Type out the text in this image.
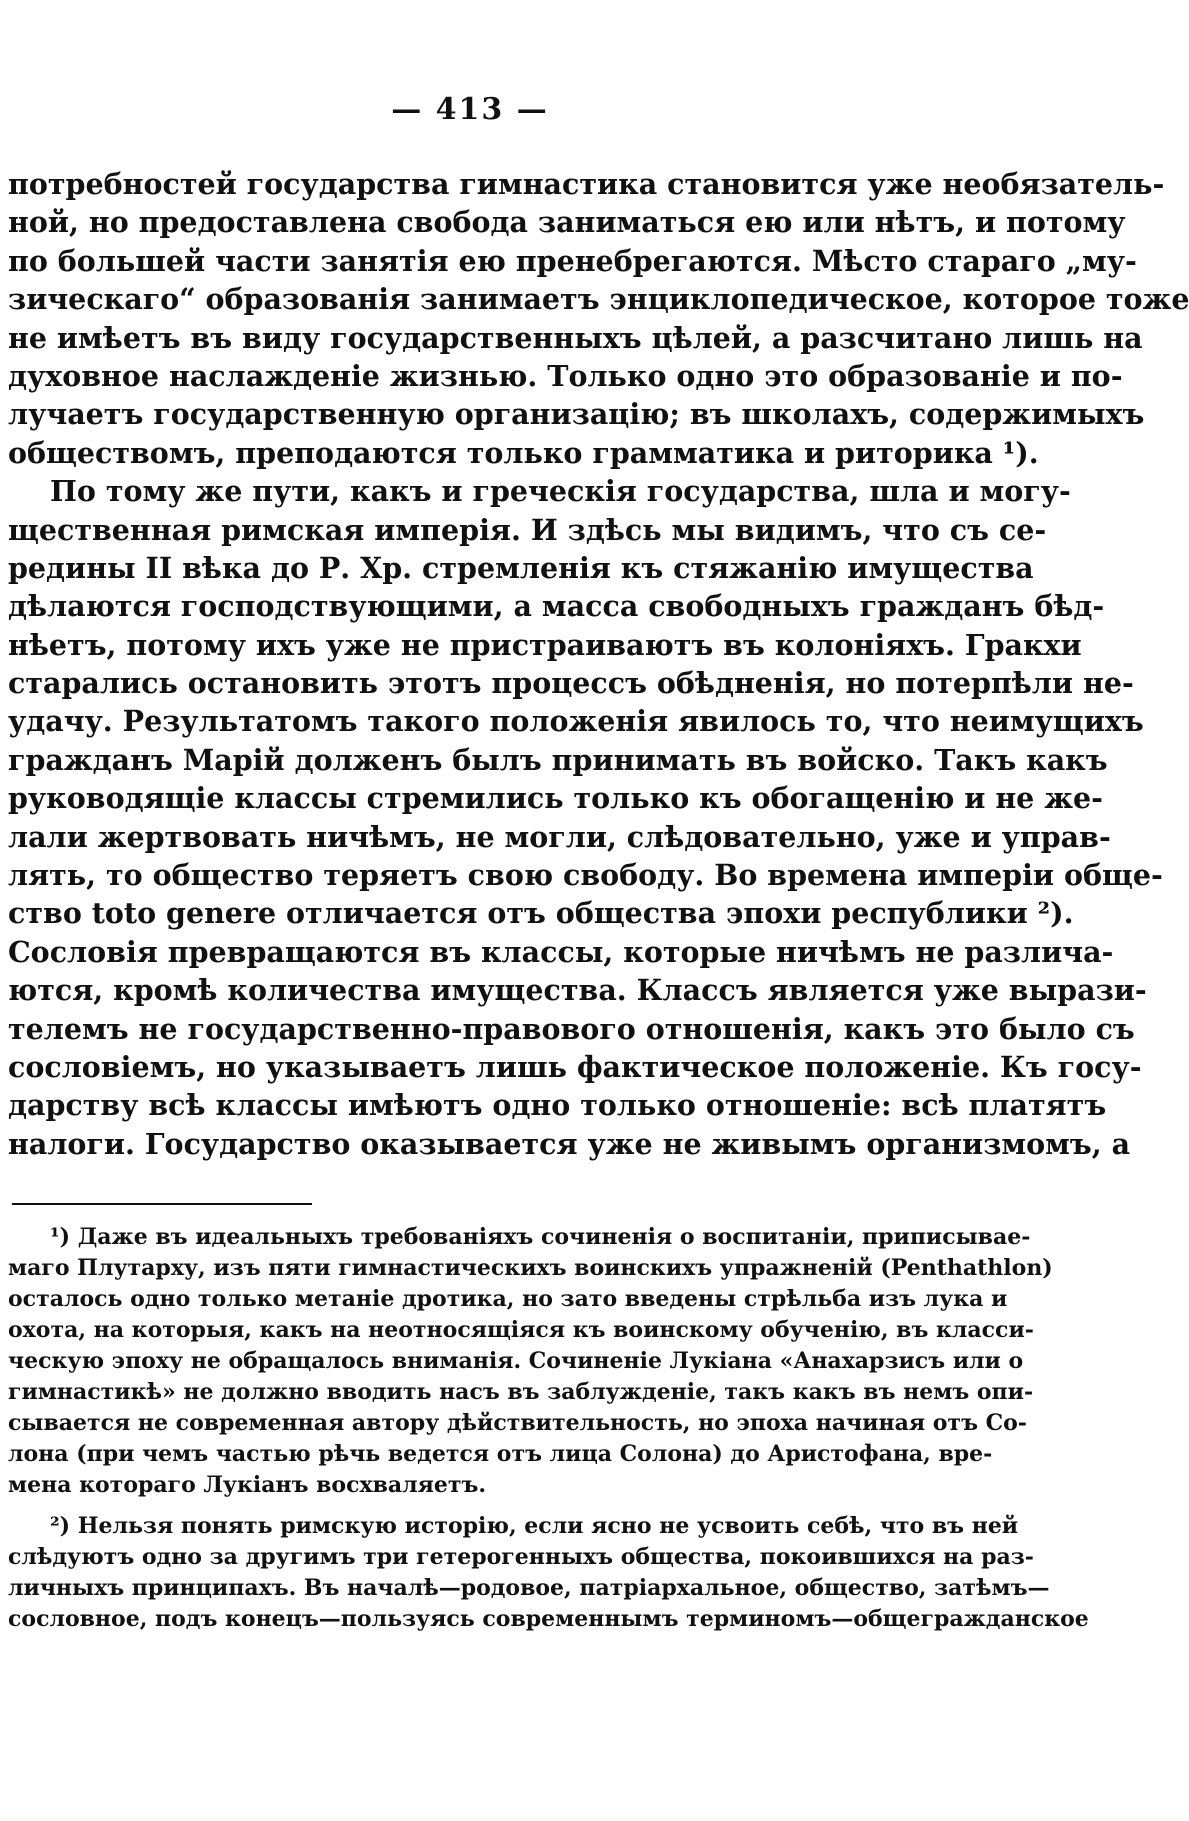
— 413 —
потребностей государства гимнастика становится уже необязатель-
ной, но предоставлена свобода заниматься ею или нѣтъ, и потому
по большей части занятія ею пренебрегаются. Мѣсто стараго „му-
зическаго“ образованія занимаетъ энциклопедическое, которое тоже
не имѣетъ въ виду государственныхъ цѣлей, а разсчитано лишь на
духовное наслажденіе жизнью. Только одно это образованіе и по-
лучаетъ государственную организацію; въ школахъ, содержимыхъ
обществомъ, преподаются только грамматика и риторика ¹).
По тому же пути, какъ и греческія государства, шла и могу-
щественная римская имперія. И здѣсь мы видимъ, что съ се-
редины II вѣка до Р. Хр. стремленія къ стяжанію имущества
дѣлаются господствующими, а масса свободныхъ гражданъ бѣд-
нѣетъ, потому ихъ уже не пристраиваютъ въ колоніяхъ. Гракхи
старались остановить этотъ процессъ обѣдненія, но потерпѣли не-
удачу. Результатомъ такого положенія явилось то, что неимущихъ
гражданъ Марій долженъ былъ принимать въ войско. Такъ какъ
руководящіе классы стремились только къ обогащенію и не же-
лали жертвовать ничѣмъ, не могли, слѣдовательно, уже и управ-
лять, то общество теряетъ свою свободу. Во времена имперіи обще-
ство toto genere отличается отъ общества эпохи республики ²).
Сословія превращаются въ классы, которые ничѣмъ не различа-
ются, кромѣ количества имущества. Классъ является уже вырази-
телемъ не государственно-правового отношенія, какъ это было съ
сословіемъ, но указываетъ лишь фактическое положеніе. Къ госу-
дарству всѣ классы имѣютъ одно только отношеніе: всѣ платятъ
налоги. Государство оказывается уже не живымъ организмомъ, а
¹) Даже въ идеальныхъ требованіяхъ сочиненія о воспитаніи, приписывае-
маго Плутарху, изъ пяти гимнастическихъ воинскихъ упражненій (Penthathlon)
осталось одно только метаніе дротика, но зато введены стрѣльба изъ лука и
охота, на которыя, какъ на неотносящіяся къ воинскому обученію, въ класси-
ческую эпоху не обращалось вниманія. Сочиненіе Лукіана «Анахарзисъ или о
гимнастикѣ» не должно вводить насъ въ заблужденіе, такъ какъ въ немъ опи-
сывается не современная автору дѣйствительность, но эпоха начиная отъ Со-
лона (при чемъ частью рѣчь ведется отъ лица Солона) до Аристофана, вре-
мена котораго Лукіанъ восхваляетъ.
²) Нельзя понять римскую исторію, если ясно не усвоить себѣ, что въ ней
слѣдуютъ одно за другимъ три гетерогенныхъ общества, покоившихся на раз-
личныхъ принципахъ. Въ началѣ—родовое, патріархальное, общество, затѣмъ—
сословное, подъ конецъ—пользуясь современнымъ терминомъ—общегражданское
